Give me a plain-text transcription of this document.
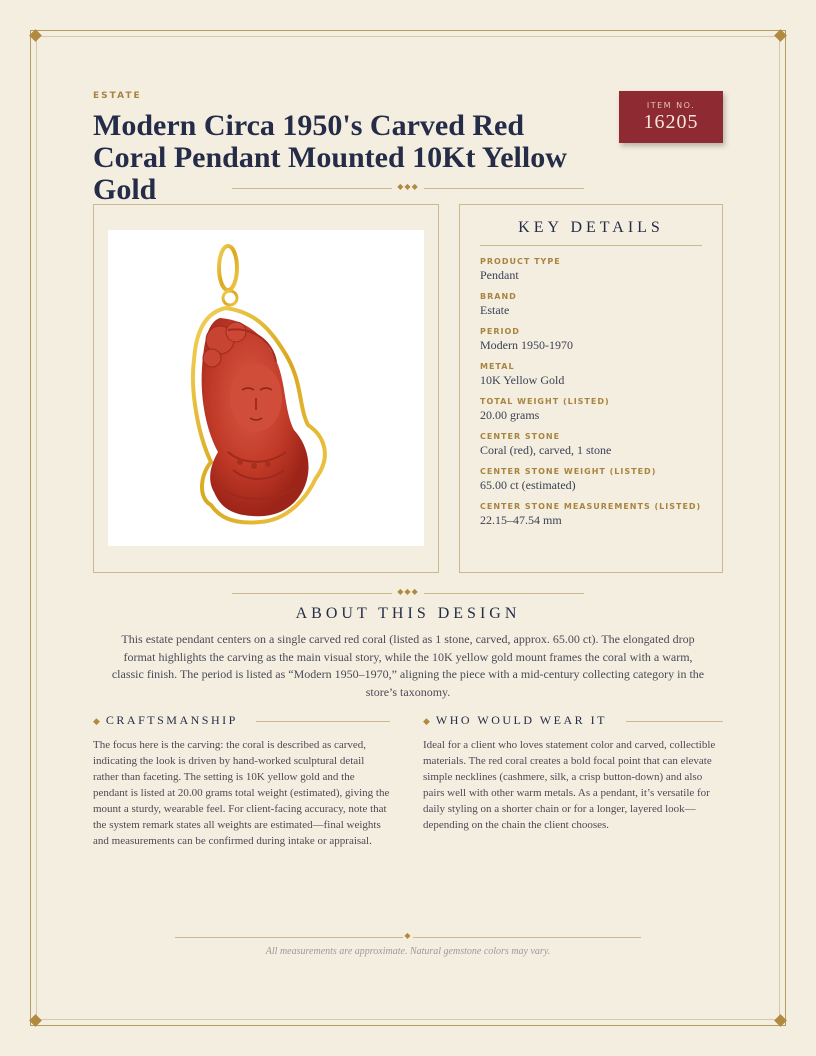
ESTATE
Modern Circa 1950's Carved Red Coral Pendant Mounted 10Kt Yellow Gold
ITEM NO.
16205
◆◆◆
KEY DETAILS
PRODUCT TYPE
Pendant
BRAND
Estate
PERIOD
Modern 1950-1970
METAL
10K Yellow Gold
TOTAL WEIGHT (LISTED)
20.00 grams
CENTER STONE
Coral (red), carved, 1 stone
CENTER STONE WEIGHT (LISTED)
65.00 ct (estimated)
CENTER STONE MEASUREMENTS (LISTED)
22.15–47.54 mm
◆◆◆
ABOUT THIS DESIGN

This estate pendant centers on a single carved red coral (listed as 1 stone, carved, approx. 65.00 ct). The elongated drop format highlights the carving as the main visual story, while the 10K yellow gold mount frames the coral with a warm, classic finish. The period is listed as “Modern 1950–1970,” aligning the piece with a mid-century collecting category in the store’s taxonomy.

◆ CRAFTSMANSHIP

The focus here is the carving: the coral is described as carved, indicating the look is driven by hand-worked sculptural detail rather than faceting. The setting is 10K yellow gold and the pendant is listed at 20.00 grams total weight (estimated), giving the mount a sturdy, wearable feel. For client-facing accuracy, note that the system remark states all weights are estimated—final weights and measurements can be confirmed during intake or appraisal.

◆ WHO WOULD WEAR IT

Ideal for a client who loves statement color and carved, collectible materials. The red coral creates a bold focal point that can elevate simple necklines (cashmere, silk, a crisp button-down) and also pairs well with other warm metals. As a pendant, it’s versatile for daily styling on a shorter chain or for a longer, layered look—depending on the chain the client chooses.

◆
All measurements are approximate. Natural gemstone colors may vary.
